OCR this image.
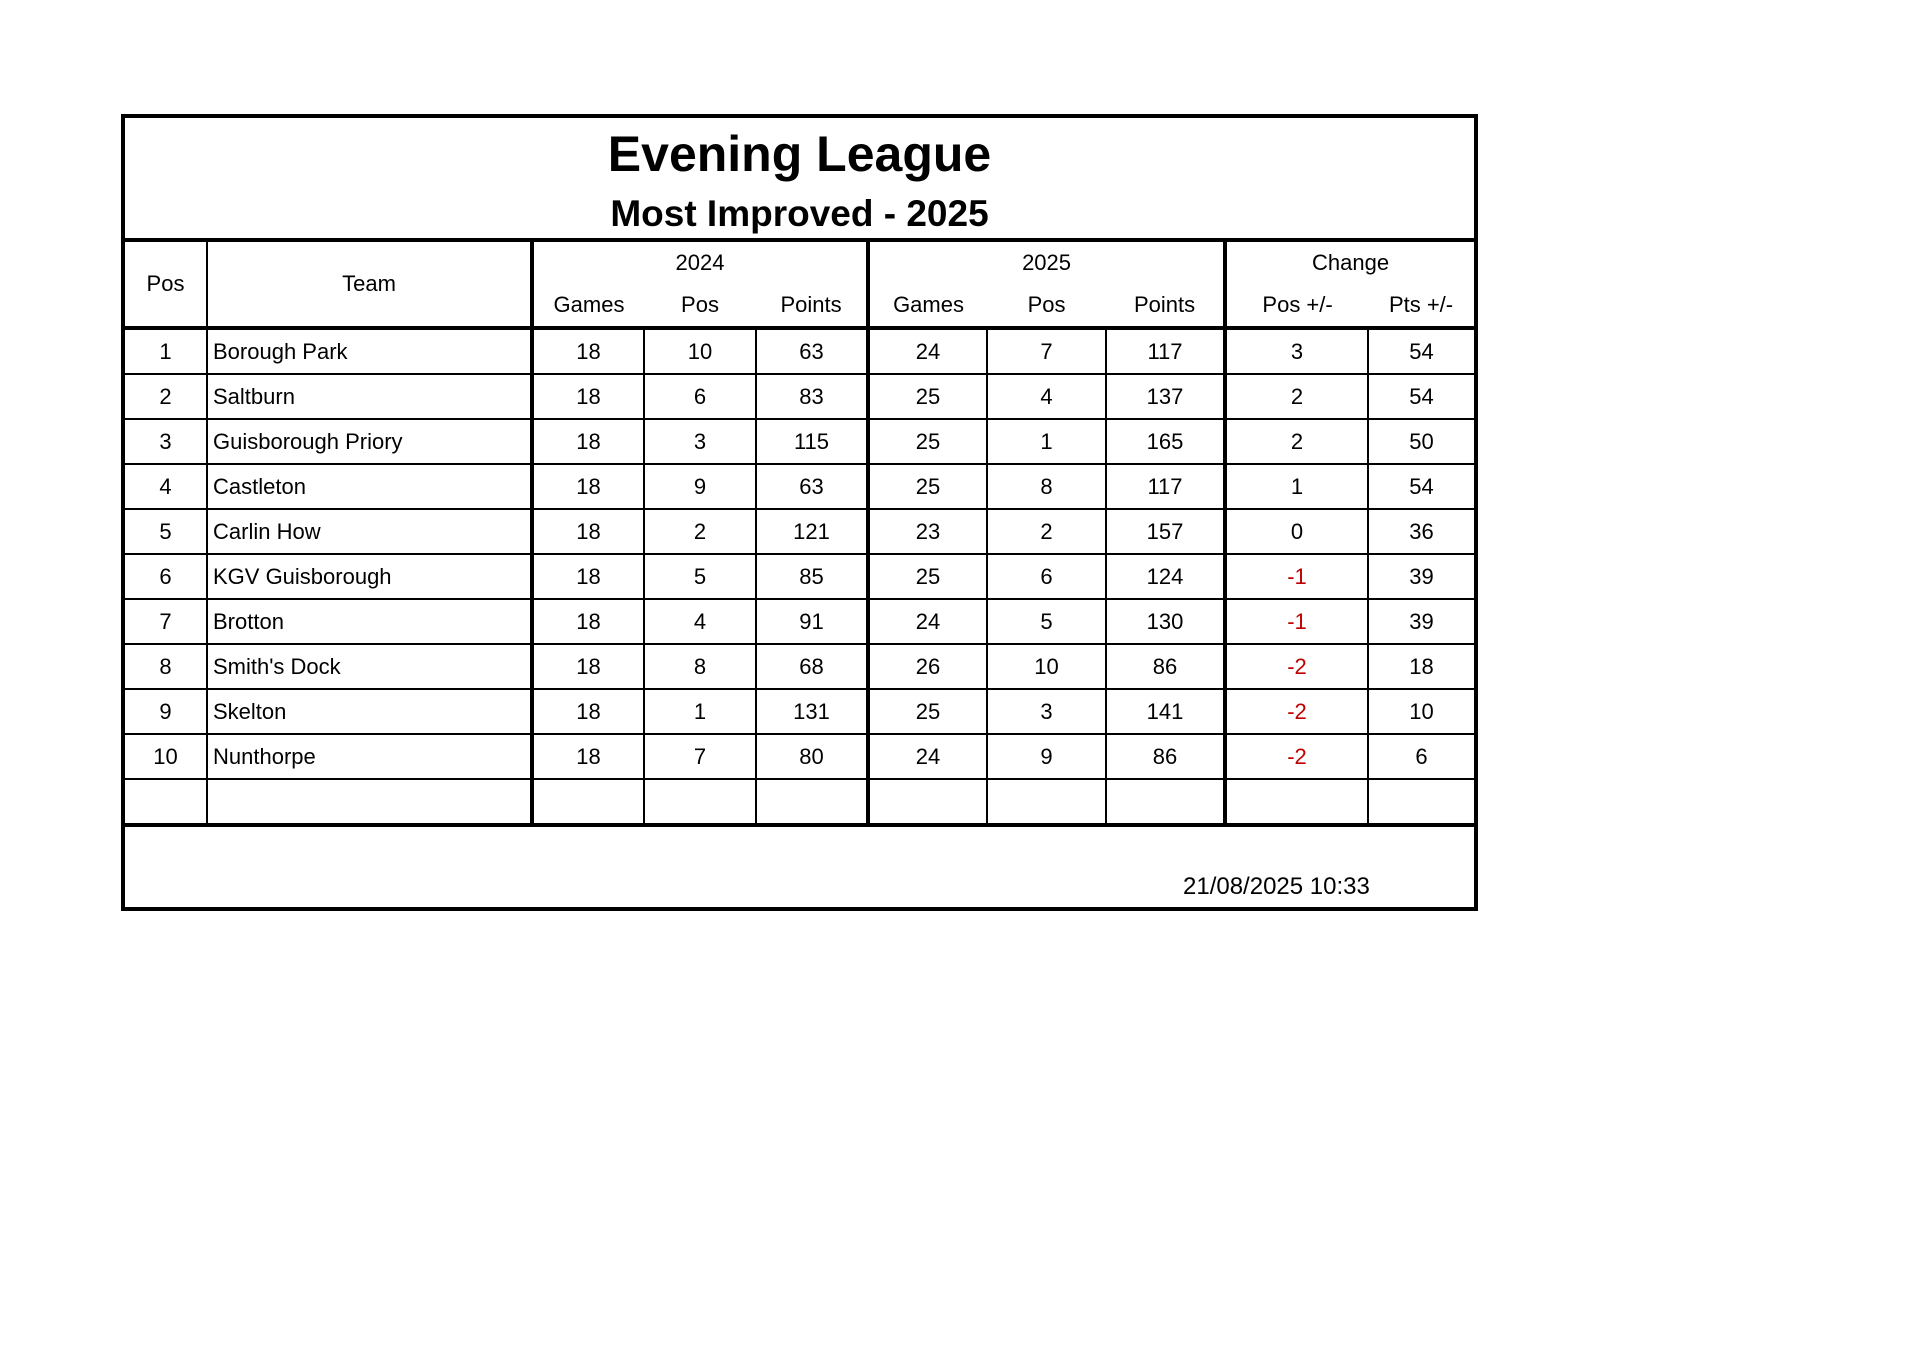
Evening League
Most Improved - 2025
Pos	Team	2024			2025			Change	
		Games	Pos	Points	Games	Pos	Points	Pos +/-	Pts +/-
1	Borough Park	18	10	63	24	7	117	3	54
2	Saltburn	18	6	83	25	4	137	2	54
3	Guisborough Priory	18	3	115	25	1	165	2	50
4	Castleton	18	9	63	25	8	117	1	54
5	Carlin How	18	2	121	23	2	157	0	36
6	KGV Guisborough	18	5	85	25	6	124	-1	39
7	Brotton	18	4	91	24	5	130	-1	39
8	Smith's Dock	18	8	68	26	10	86	-2	18
9	Skelton	18	1	131	25	3	141	-2	10
10	Nunthorpe	18	7	80	24	9	86	-2	6

21/08/2025 10:33
